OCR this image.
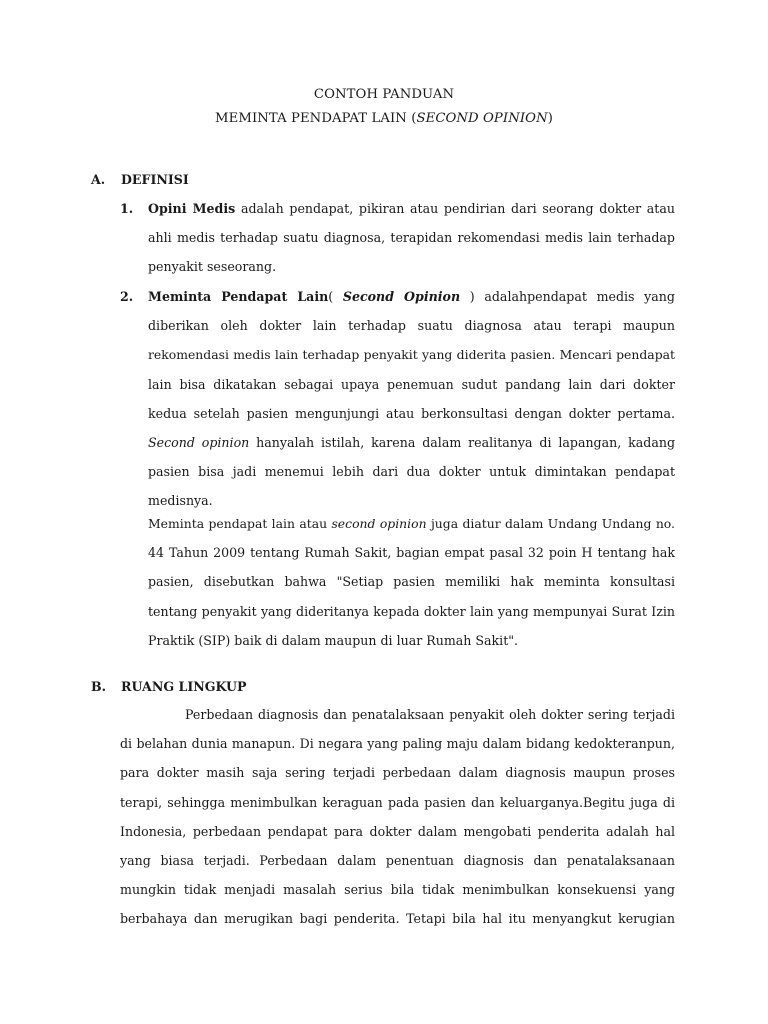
CONTOH PANDUAN
MEMINTA PENDAPAT LAIN (SECOND OPINION)
A. DEFINISI
1. Opini Medis adalah pendapat, pikiran atau pendirian dari seorang dokter atau
ahli medis terhadap suatu diagnosa, terapidan rekomendasi medis lain terhadap
penyakit seseorang.
2. Meminta Pendapat Lain( Second Opinion ) adalahpendapat medis yang
diberikan oleh dokter lain terhadap suatu diagnosa atau terapi maupun
rekomendasi medis lain terhadap penyakit yang diderita pasien. Mencari pendapat
lain bisa dikatakan sebagai upaya penemuan sudut pandang lain dari dokter
kedua setelah pasien mengunjungi atau berkonsultasi dengan dokter pertama.
Second opinion hanyalah istilah, karena dalam realitanya di lapangan, kadang
pasien bisa jadi menemui lebih dari dua dokter untuk dimintakan pendapat
medisnya.
Meminta pendapat lain atau second opinion juga diatur dalam Undang Undang no.
44 Tahun 2009 tentang Rumah Sakit, bagian empat pasal 32 poin H tentang hak
pasien, disebutkan bahwa "Setiap pasien memiliki hak meminta konsultasi
tentang penyakit yang dideritanya kepada dokter lain yang mempunyai Surat Izin
Praktik (SIP) baik di dalam maupun di luar Rumah Sakit".
B. RUANG LINGKUP
Perbedaan diagnosis dan penatalaksaan penyakit oleh dokter sering terjadi
di belahan dunia manapun. Di negara yang paling maju dalam bidang kedokteranpun,
para dokter masih saja sering terjadi perbedaan dalam diagnosis maupun proses
terapi, sehingga menimbulkan keraguan pada pasien dan keluarganya.Begitu juga di
Indonesia, perbedaan pendapat para dokter dalam mengobati penderita adalah hal
yang biasa terjadi. Perbedaan dalam penentuan diagnosis dan penatalaksanaan
mungkin tidak menjadi masalah serius bila tidak menimbulkan konsekuensi yang
berbahaya dan merugikan bagi penderita. Tetapi bila hal itu menyangkut kerugian
